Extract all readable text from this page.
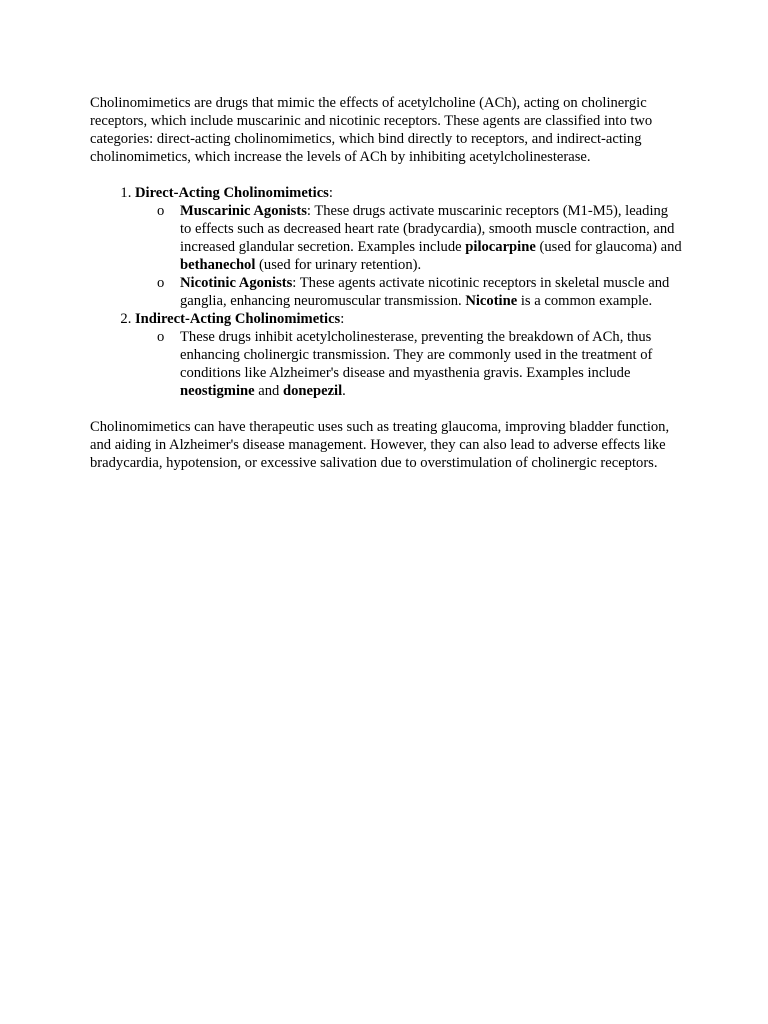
Cholinomimetics are drugs that mimic the effects of acetylcholine (ACh), acting on cholinergic receptors, which include muscarinic and nicotinic receptors. These agents are classified into two categories: direct-acting cholinomimetics, which bind directly to receptors, and indirect-acting cholinomimetics, which increase the levels of ACh by inhibiting acetylcholinesterase.

1. Direct-Acting Cholinomimetics:
o Muscarinic Agonists: These drugs activate muscarinic receptors (M1-M5), leading to effects such as decreased heart rate (bradycardia), smooth muscle contraction, and increased glandular secretion. Examples include pilocarpine (used for glaucoma) and bethanechol (used for urinary retention).
o Nicotinic Agonists: These agents activate nicotinic receptors in skeletal muscle and ganglia, enhancing neuromuscular transmission. Nicotine is a common example.
2. Indirect-Acting Cholinomimetics:
o These drugs inhibit acetylcholinesterase, preventing the breakdown of ACh, thus enhancing cholinergic transmission. They are commonly used in the treatment of conditions like Alzheimer's disease and myasthenia gravis. Examples include neostigmine and donepezil.

Cholinomimetics can have therapeutic uses such as treating glaucoma, improving bladder function, and aiding in Alzheimer's disease management. However, they can also lead to adverse effects like bradycardia, hypotension, or excessive salivation due to overstimulation of cholinergic receptors.
